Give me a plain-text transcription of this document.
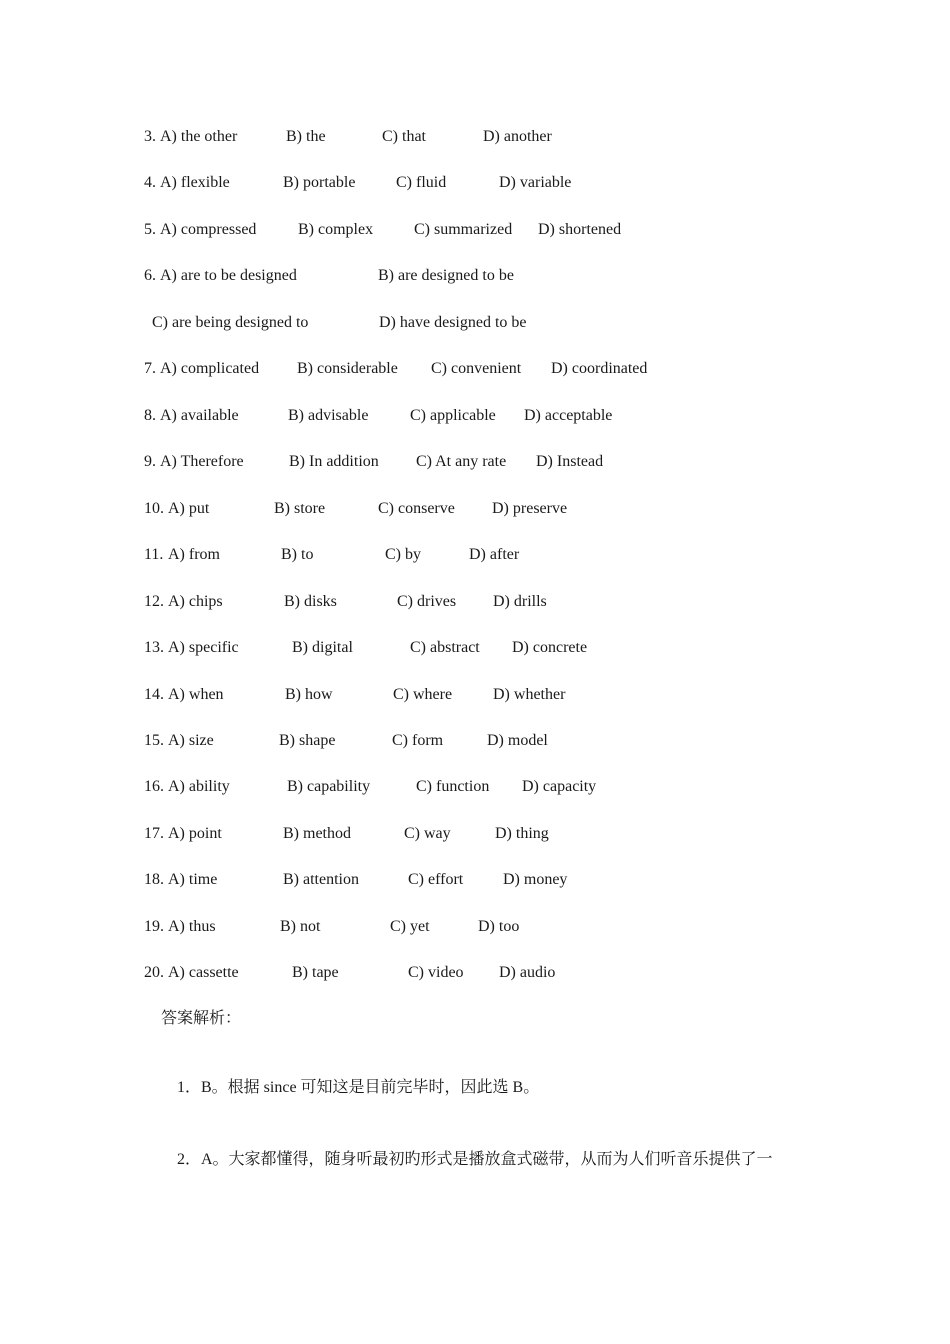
3. A) the other	B) the	C) that	D) another
4. A) flexible	B) portable	C) fluid	D) variable
5. A) compressed	B) complex	C) summarized D) shortened
6. A) are to be designed	B) are designed to be
C) are being designed to	D) have designed to be
7. A) complicated B) considerable C) convenient D) coordinated
8. A) available	B) advisable	C) applicable D) acceptable
9. A) Therefore	B) In addition C) At any rate D) Instead
10. A) put	B) store	C) conserve D) preserve
11. A) from	B) to	C) by	D) after
12. A) chips	B) disks	C) drives D) drills
13. A) specific	B) digital	C) abstract D) concrete
14. A) when	B) how	C) where	D) whether
15. A) size	B) shape	C) form	D) model
16. A) ability	B) capability	C) function D) capacity
17. A) point	B) method	C) way	D) thing
18. A) time	B) attention	C) effort D) money
19. A) thus	B) not	C) yet	D) too
20. A) cassette	B) tape	C) video D) audio
答案解析：
1．B。根据 since 可知这是目前完毕时，因此选 B。
2．A。大家都懂得，随身听最初旳形式是播放盒式磁带，从而为人们听音乐提供了一
